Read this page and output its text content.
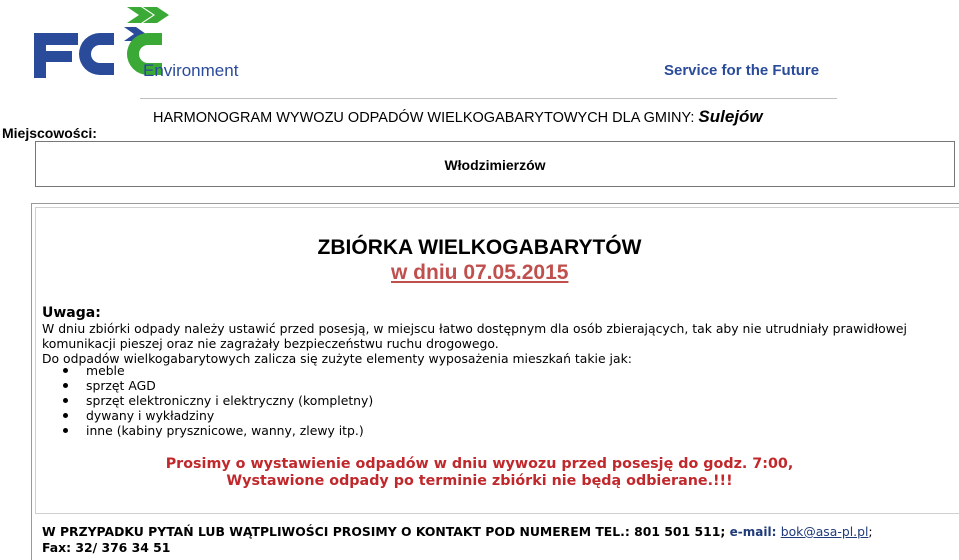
Environment	Service for the Future
Miejscowości:
HARMONOGRAM WYWOZU ODPADÓW WIELKOGABARYTOWYCH DLA GMINY: Sulejów
Włodzimierzów
ZBIÓRKA WIELKOGABARYTÓW
w dniu 07.05.2015
Uwaga:
W dniu zbiórki odpady należy ustawić przed posesją, w miejscu łatwo dostępnym dla osób zbierających, tak aby nie utrudniały prawidłowej
komunikacji pieszej oraz nie zagrażały bezpieczeństwu ruchu drogowego.
Do odpadów wielkogabarytowych zalicza się zużyte elementy wyposażenia mieszkań takie jak:
meble
sprzęt AGD
sprzęt elektroniczny i elektryczny (kompletny)
dywany i wykładziny
inne (kabiny prysznicowe, wanny, zlewy itp.)
Prosimy o wystawienie odpadów w dniu wywozu przed posesję do godz. 7:00,
Wystawione odpady po terminie zbiórki nie będą odbierane.!!!
W PRZYPADKU PYTAŃ LUB WĄTPLIWOŚCI PROSIMY O KONTAKT POD NUMEREM TEL.: 801 501 511; e-mail: bok@asa-pl.pl;
Fax: 32/ 376 34 51
